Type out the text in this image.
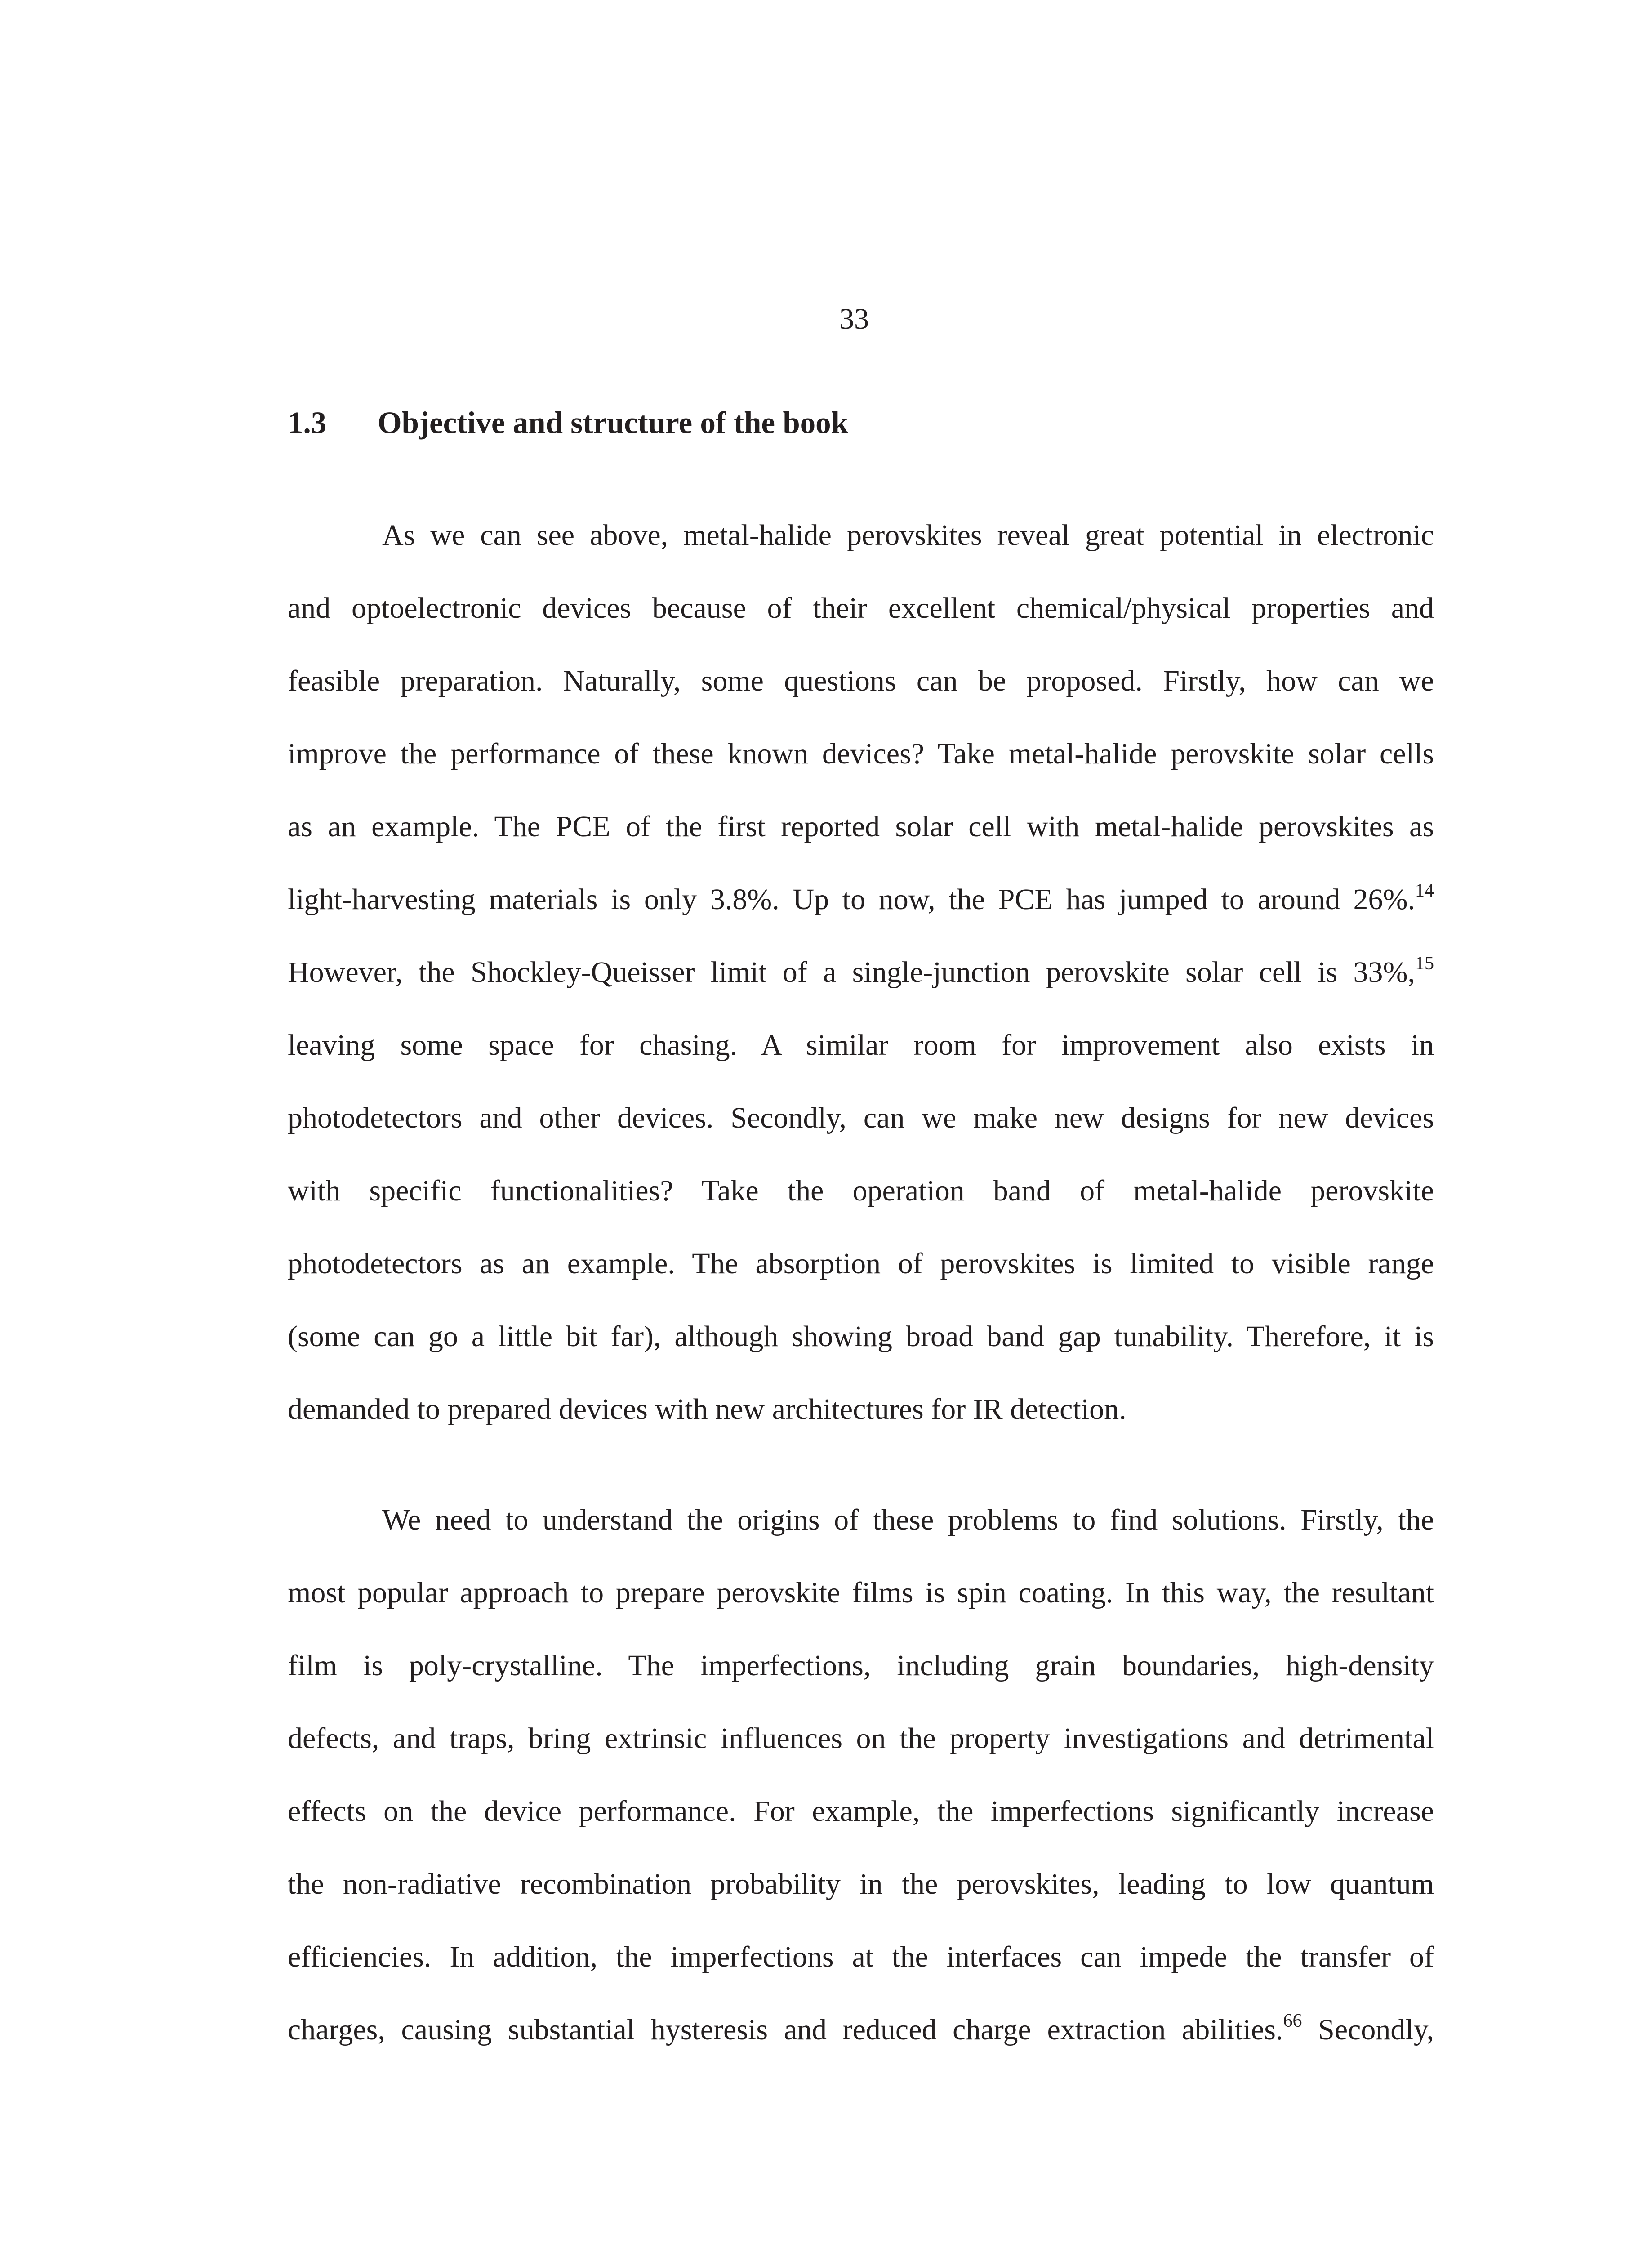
33
1.3 Objective and structure of the book
As we can see above, metal-halide perovskites reveal great potential in electronic
and optoelectronic devices because of their excellent chemical/physical properties and
feasible preparation. Naturally, some questions can be proposed. Firstly, how can we
improve the performance of these known devices? Take metal-halide perovskite solar cells
as an example. The PCE of the first reported solar cell with metal-halide perovskites as
light-harvesting materials is only 3.8%. Up to now, the PCE has jumped to around 26%.$^{14}$
However, the Shockley-Queisser limit of a single-junction perovskite solar cell is 33%,$^{15}$
leaving some space for chasing. A similar room for improvement also exists in
photodetectors and other devices. Secondly, can we make new designs for new devices
with specific functionalities? Take the operation band of metal-halide perovskite
photodetectors as an example. The absorption of perovskites is limited to visible range
(some can go a little bit far), although showing broad band gap tunability. Therefore, it is
demanded to prepared devices with new architectures for IR detection.
We need to understand the origins of these problems to find solutions. Firstly, the
most popular approach to prepare perovskite films is spin coating. In this way, the resultant
film is poly-crystalline. The imperfections, including grain boundaries, high-density
defects, and traps, bring extrinsic influences on the property investigations and detrimental
effects on the device performance. For example, the imperfections significantly increase
the non-radiative recombination probability in the perovskites, leading to low quantum
efficiencies. In addition, the imperfections at the interfaces can impede the transfer of
charges, causing substantial hysteresis and reduced charge extraction abilities.$^{66}$ Secondly,
